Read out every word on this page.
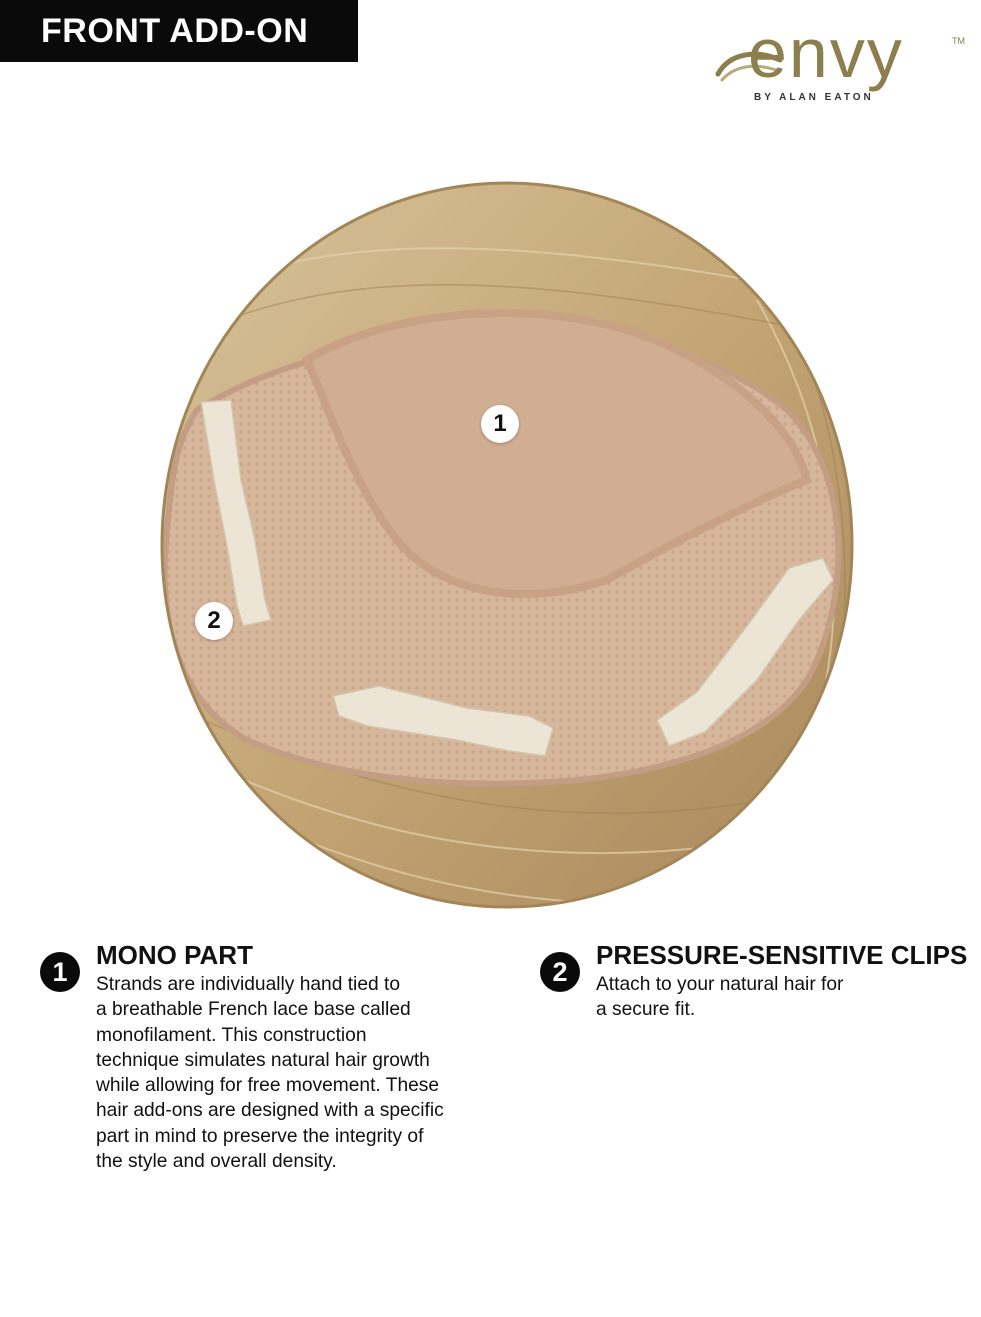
FRONT ADD-ON	envy	TM
BY ALAN EATON
1
2
1
MONO PART
Strands are individually hand tied to
a breathable French lace base called
monofilament. This construction
technique simulates natural hair growth
while allowing for free movement. These
hair add-ons are designed with a specific
part in mind to preserve the integrity of
the style and overall density.
2
PRESSURE-SENSITIVE CLIPS
Attach to your natural hair for
a secure fit.
